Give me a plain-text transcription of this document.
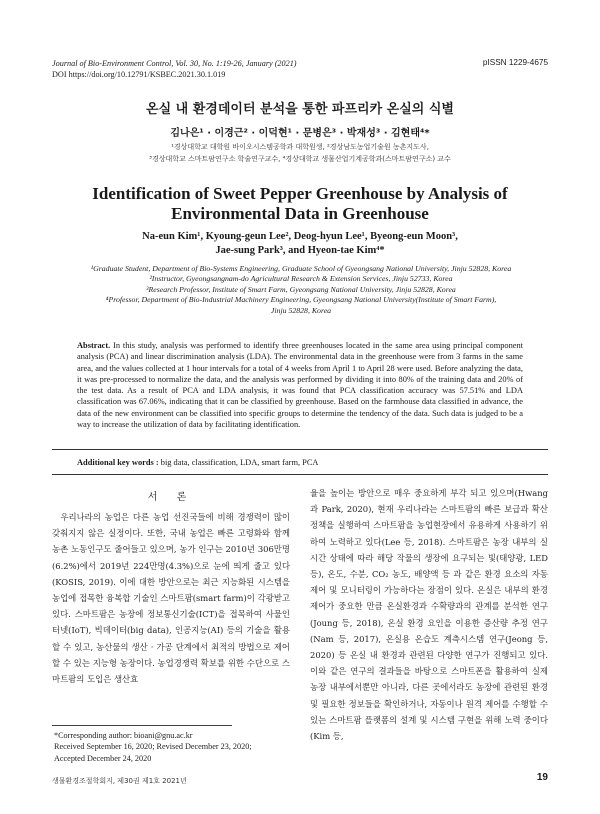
Journal of Bio-Environment Control, Vol. 30, No. 1:19-26, January (2021)
DOI https://doi.org/10.12791/KSBEC.2021.30.1.019
pISSN 1229-4675
온실 내 환경데이터 분석을 통한 파프리카 온실의 식별
김나은¹ · 이경근² · 이덕현¹ · 문병은³ · 박재성³ · 김현태⁴*
¹경상대학교 대학원 바이오시스템공학과 대학원생, ²경상남도농업기술원 농촌지도사,
³경상대학교 스마트팜연구소 학술연구교수, ⁴경상대학교 생물산업기계공학과(스마트팜연구소) 교수
Identification of Sweet Pepper Greenhouse by Analysis of
Environmental Data in Greenhouse
Na-eun Kim¹, Kyoung-geun Lee², Deog-hyun Lee¹, Byeong-eun Moon³,
Jae-sung Park³, and Hyeon-tae Kim⁴*
¹Graduate Student, Department of Bio-Systems Engineering, Graduate School of Gyeongsang National University, Jinju 52828, Korea
²Instructor, Gyeongsangnam-do Agricultural Research & Extension Services, Jinju 52733, Korea
³Research Professor, Institute of Smart Farm, Gyeongsang National University, Jinju 52828, Korea
⁴Professor, Department of Bio-Industrial Machinery Engineering, Gyeongsang National University(Institute of Smart Farm),
Jinju 52828, Korea
Abstract. In this study, analysis was performed to identify three greenhouses located in the same area using principal component analysis (PCA) and linear discrimination analysis (LDA). The environmental data in the greenhouse were from 3 farms in the same area, and the values collected at 1 hour intervals for a total of 4 weeks from April 1 to April 28 were used. Before analyzing the data, it was pre-processed to normalize the data, and the analysis was performed by dividing it into 80% of the training data and 20% of the test data. As a result of PCA and LDA analysis, it was found that PCA classification accuracy was 57.51% and LDA classification was 67.06%, indicating that it can be classified by greenhouse. Based on the farmhouse data classified in advance, the data of the new environment can be classified into specific groups to determine the tendency of the data. Such data is judged to be a way to increase the utilization of data by facilitating identification.
Additional key words : big data, classification, LDA, smart farm, PCA
서 론

우리나라의 농업은 다른 농업 선진국들에 비해 경쟁력이 많이 갖춰지지 않은 실정이다. 또한, 국내 농업은 빠른 고령화와 함께 농촌 노동인구도 줄어들고 있으며, 농가 인구는 2010년 306만명(6.2%)에서 2019년 224만명(4.3%)으로 눈에 띄게 줄고 있다(KOSIS, 2019). 이에 대한 방안으로는 최근 지능화된 시스템을 농업에 접목한 융복합 기술인 스마트팜(smart farm)이 각광받고 있다. 스마트팜은 농장에 정보통신기술(ICT)을 접목하여 사물인터넷(IoT), 빅데이터(big data), 인공지능(AI) 등의 기술을 활용할 수 있고, 농산물의 생산 · 가공 단계에서 최적의 방법으로 제어할 수 있는 지능형 농장이다. 농업경쟁력 확보를 위한 수단으로 스마트팜의 도입은 생산효

율을 높이는 방안으로 매우 중요하게 부각 되고 있으며(Hwang과 Park, 2020), 현재 우리나라는 스마트팜의 빠른 보급과 확산 정책을 실행하여 스마트팜을 농업현장에서 유용하게 사용하기 위하여 노력하고 있다(Lee 등, 2018). 스마트팜은 농장 내부의 실시간 상태에 따라 해당 작물의 생장에 요구되는 빛(태양광, LED 등), 온도, 수분, CO₂ 농도, 배양액 등 과 같은 환경 요소의 자동 제어 및 모니터링이 가능하다는 장점이 있다. 온실은 내부의 환경 제어가 중요한 만큼 온실환경과 수확량과의 관계를 분석한 연구(Joung 등, 2018), 온실 환경 요인을 이용한 증산량 추정 연구(Nam 등, 2017), 온실용 온습도 계측시스템 연구(Jeong 등, 2020) 등 온실 내 환경과 관련된 다양한 연구가 진행되고 있다. 이와 같은 연구의 결과들을 바탕으로 스마트폰을 활용하여 실제 농장 내부에서뿐만 아니라, 다른 곳에서라도 농장에 관련된 환경 및 필요한 정보들을 확인하거나, 자동이나 원격 제어를 수행할 수 있는 스마트팜 플랫폼의 설계 및 시스템 구현을 위해 노력 중이다(Kim 등,

*Corresponding author: bioani@gnu.ac.kr
Received September 16, 2020; Revised December 23, 2020;
Accepted December 24, 2020
생물환경조절학회지, 제30권 제1호 2021년	19
